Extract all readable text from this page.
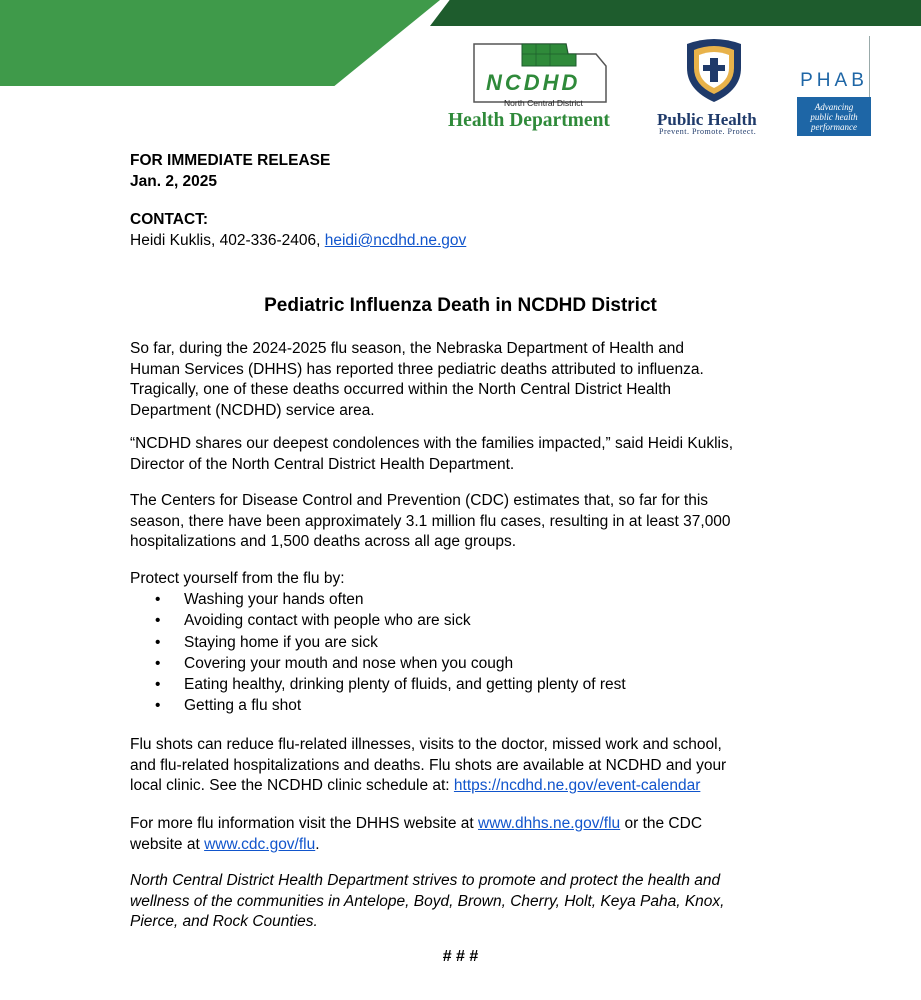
NCDHD
North Central District
Health Department	Public Health
Prevent. Promote. Protect.
PHAB
Advancing
public health
performance
FOR IMMEDIATE RELEASE
Jan. 2, 2025
CONTACT:
Heidi Kuklis, 402-336-2406, heidi@ncdhd.ne.gov
Pediatric Influenza Death in NCDHD District
So far, during the 2024-2025 flu season, the Nebraska Department of Health and
Human Services (DHHS) has reported three pediatric deaths attributed to influenza.
Tragically, one of these deaths occurred within the North Central District Health
Department (NCDHD) service area.
“NCDHD shares our deepest condolences with the families impacted,” said Heidi Kuklis,
Director of the North Central District Health Department.
The Centers for Disease Control and Prevention (CDC) estimates that, so far for this
season, there have been approximately 3.1 million flu cases, resulting in at least 37,000
hospitalizations and 1,500 deaths across all age groups.
Protect yourself from the flu by:
• Washing your hands often
• Avoiding contact with people who are sick
• Staying home if you are sick
• Covering your mouth and nose when you cough
• Eating healthy, drinking plenty of fluids, and getting plenty of rest
• Getting a flu shot
Flu shots can reduce flu-related illnesses, visits to the doctor, missed work and school,
and flu-related hospitalizations and deaths. Flu shots are available at NCDHD and your
local clinic. See the NCDHD clinic schedule at: https://ncdhd.ne.gov/event-calendar
For more flu information visit the DHHS website at www.dhhs.ne.gov/flu or the CDC
website at www.cdc.gov/flu.
North Central District Health Department strives to promote and protect the health and
wellness of the communities in Antelope, Boyd, Brown, Cherry, Holt, Keya Paha, Knox,
Pierce, and Rock Counties.
# # #
